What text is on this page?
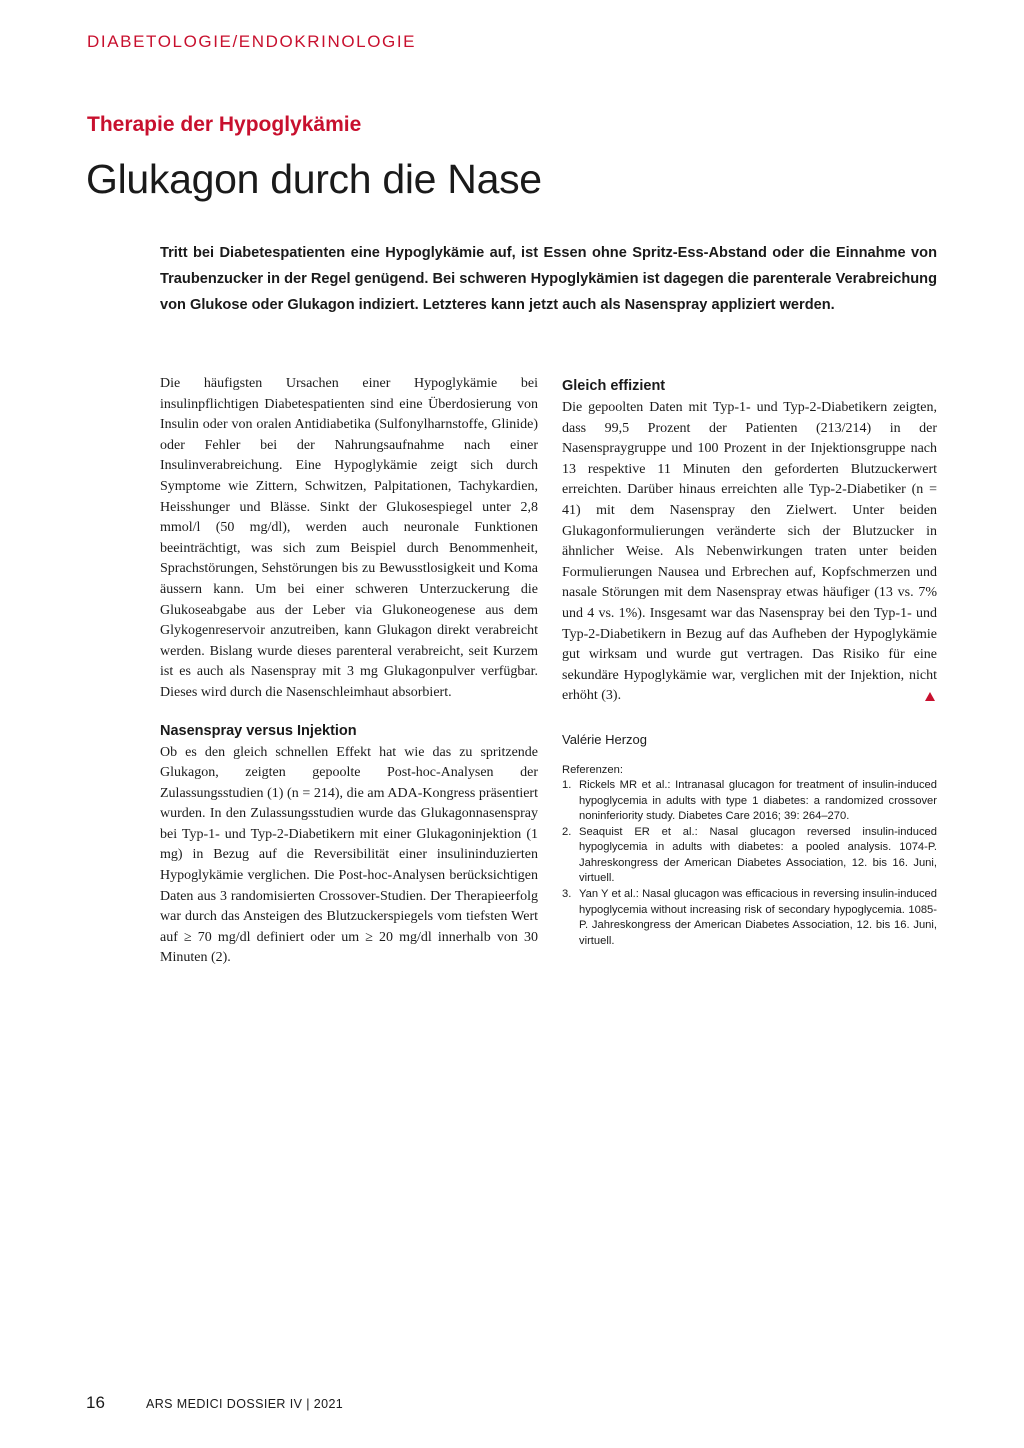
DIABETOLOGIE/ENDOKRINOLOGIE
Therapie der Hypoglykämie
Glukagon durch die Nase
Tritt bei Diabetespatienten eine Hypoglykämie auf, ist Essen ohne Spritz-Ess-Abstand oder die Einnahme von Traubenzucker in der Regel genügend. Bei schweren Hypoglykämien ist dagegen die parenterale Verabreichung von Glukose oder Glukagon indiziert. Letzteres kann jetzt auch als Nasenspray appliziert werden.

Die häufigsten Ursachen einer Hypoglykämie bei insulinpflichtigen Diabetespatienten sind eine Überdosierung von Insulin oder von oralen Antidiabetika (Sulfonylharnstoffe, Glinide) oder Fehler bei der Nahrungsaufnahme nach einer Insulinverabreichung. Eine Hypoglykämie zeigt sich durch Symptome wie Zittern, Schwitzen, Palpitationen, Tachykardien, Heisshunger und Blässe. Sinkt der Glukosespiegel unter 2,8 mmol/l (50 mg/dl), werden auch neuronale Funktionen beeinträchtigt, was sich zum Beispiel durch Benommenheit, Sprachstörungen, Sehstörungen bis zu Bewusstlosigkeit und Koma äussern kann. Um bei einer schweren Unterzuckerung die Glukoseabgabe aus der Leber via Glukoneogenese aus dem Glykogenreservoir anzutreiben, kann Glukagon direkt verabreicht werden. Bislang wurde dieses parenteral verabreicht, seit Kurzem ist es auch als Nasenspray mit 3 mg Glukagonpulver verfügbar. Dieses wird durch die Nasenschleimhaut absorbiert.

Nasenspray versus Injektion

Ob es den gleich schnellen Effekt hat wie das zu spritzende Glukagon, zeigten gepoolte Post-hoc-Analysen der Zulassungsstudien (1) (n = 214), die am ADA-Kongress präsentiert wurden. In den Zulassungsstudien wurde das Glukagonnasenspray bei Typ-1- und Typ-2-Diabetikern mit einer Glukagoninjektion (1 mg) in Bezug auf die Reversibilität einer insulininduzierten Hypoglykämie verglichen. Die Post-hoc-Analysen berücksichtigen Daten aus 3 randomisierten Crossover-Studien. Der Therapieerfolg war durch das Ansteigen des Blutzuckerspiegels vom tiefsten Wert auf ≥ 70 mg/dl definiert oder um ≥ 20 mg/dl innerhalb von 30 Minuten (2).

Gleich effizient

Die gepoolten Daten mit Typ-1- und Typ-2-Diabetikern zeigten, dass 99,5 Prozent der Patienten (213/214) in der Nasenspraygruppe und 100 Prozent in der Injektionsgruppe nach 13 respektive 11 Minuten den geforderten Blutzuckerwert erreichten. Darüber hinaus erreichten alle Typ-2-Diabetiker (n = 41) mit dem Nasenspray den Zielwert. Unter beiden Glukagonformulierungen veränderte sich der Blutzucker in ähnlicher Weise. Als Nebenwirkungen traten unter beiden Formulierungen Nausea und Erbrechen auf, Kopfschmerzen und nasale Störungen mit dem Nasenspray etwas häufiger (13 vs. 7% und 4 vs. 1%). Insgesamt war das Nasenspray bei den Typ-1- und Typ-2-Diabetikern in Bezug auf das Aufheben der Hypoglykämie gut wirksam und wurde gut vertragen. Das Risiko für eine sekundäre Hypoglykämie war, verglichen mit der Injektion, nicht erhöht (3).

Valérie Herzog
Referenzen:
1. Rickels MR et al.: Intranasal glucagon for treatment of insulin-induced hypoglycemia in adults with type 1 diabetes: a randomized crossover noninferiority study. Diabetes Care 2016; 39: 264–270.
2. Seaquist ER et al.: Nasal glucagon reversed insulin-induced hypoglycemia in adults with diabetes: a pooled analysis. 1074-P. Jahreskongress der American Diabetes Association, 12. bis 16. Juni, virtuell.
3. Yan Y et al.: Nasal glucagon was efficacious in reversing insulin-induced hypoglycemia without increasing risk of secondary hypoglycemia. 1085-P. Jahreskongress der American Diabetes Association, 12. bis 16. Juni, virtuell.
16	ARS MEDICI DOSSIER IV | 2021
